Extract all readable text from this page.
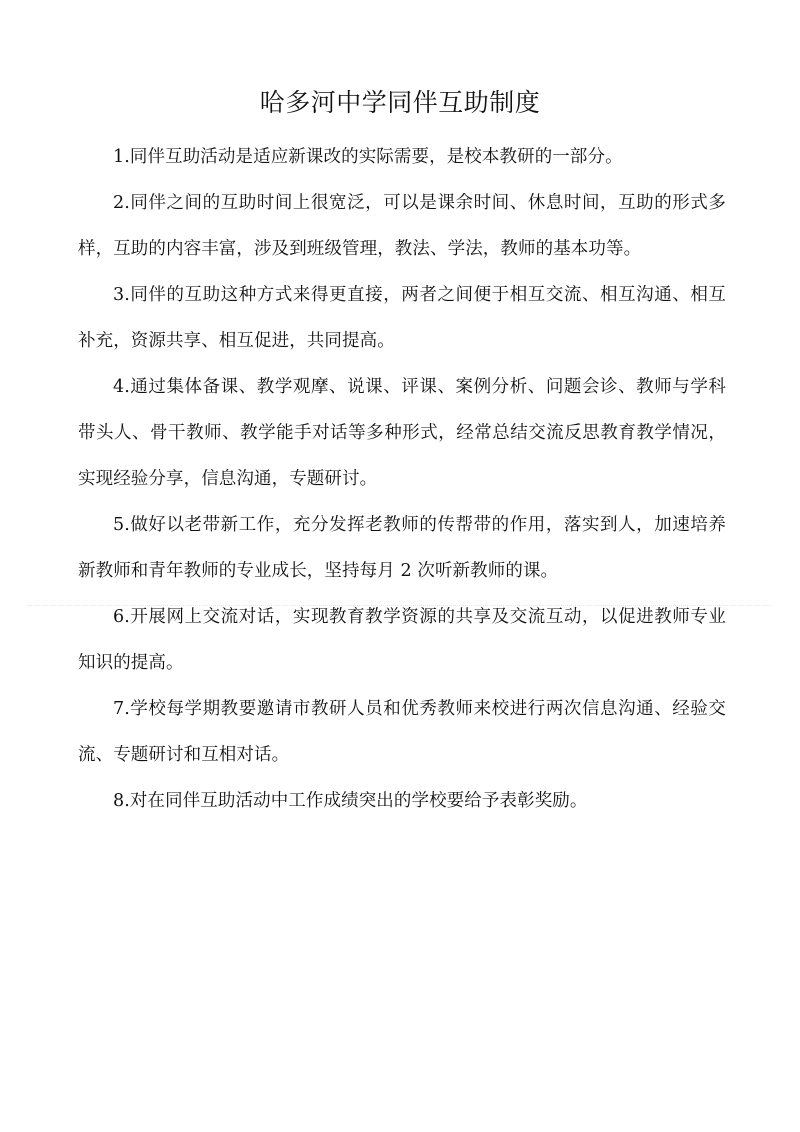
哈多河中学同伴互助制度

1.同伴互助活动是适应新课改的实际需要，是校本教研的一部分。

2.同伴之间的互助时间上很宽泛，可以是课余时间、休息时间，互助的形式多样，互助的内容丰富，涉及到班级管理，教法、学法，教师的基本功等。

3.同伴的互助这种方式来得更直接，两者之间便于相互交流、相互沟通、相互补充，资源共享、相互促进，共同提高。

4.通过集体备课、教学观摩、说课、评课、案例分析、问题会诊、教师与学科带头人、骨干教师、教学能手对话等多种形式，经常总结交流反思教育教学情况，实现经验分享，信息沟通，专题研讨。

5.做好以老带新工作，充分发挥老教师的传帮带的作用，落实到人，加速培养新教师和青年教师的专业成长，坚持每月 2 次听新教师的课。

6.开展网上交流对话，实现教育教学资源的共享及交流互动，以促进教师专业知识的提高。

7.学校每学期教要邀请市教研人员和优秀教师来校进行两次信息沟通、经验交流、专题研讨和互相对话。

8.对在同伴互助活动中工作成绩突出的学校要给予表彰奖励。
